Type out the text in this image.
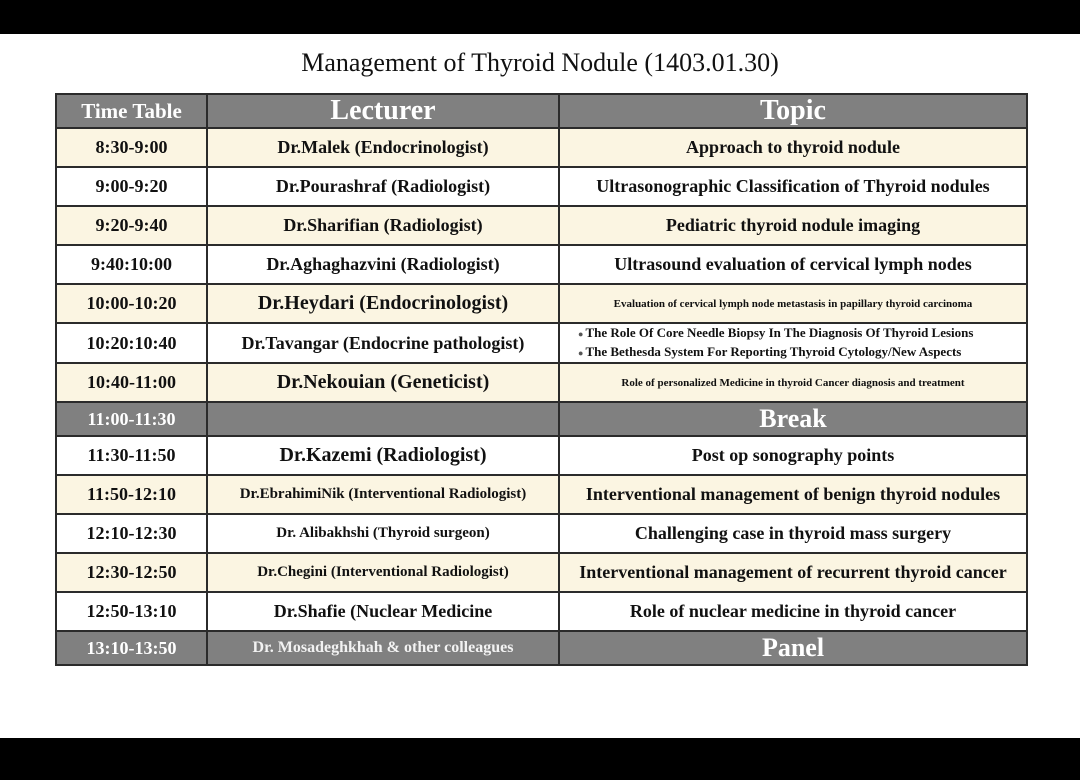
Management of Thyroid Nodule (1403.01.30)
Time Table	Lecturer	Topic
8:30-9:00	Dr.Malek (Endocrinologist)	Approach to thyroid nodule
9:00-9:20	Dr.Pourashraf (Radiologist)	Ultrasonographic Classification of Thyroid nodules
9:20-9:40	Dr.Sharifian (Radiologist)	Pediatric thyroid nodule imaging
9:40:10:00	Dr.Aghaghazvini (Radiologist)	Ultrasound evaluation of cervical lymph nodes
10:00-10:20	Dr.Heydari (Endocrinologist)	Evaluation of cervical lymph node metastasis in papillary thyroid carcinoma
10:20:10:40	Dr.Tavangar (Endocrine pathologist)	● The Role Of Core Needle Biopsy In The Diagnosis Of Thyroid Lesions
● The Bethesda System For Reporting Thyroid Cytology/New Aspects

10:40-11:00	Dr.Nekouian (Geneticist)	Role of personalized Medicine in thyroid Cancer diagnosis and treatment
11:00-11:30		Break
11:30-11:50	Dr.Kazemi (Radiologist)	Post op sonography points
11:50-12:10	Dr.EbrahimiNik (Interventional Radiologist)	Interventional management of benign thyroid nodules
12:10-12:30	Dr. Alibakhshi (Thyroid surgeon)	Challenging case in thyroid mass surgery
12:30-12:50	Dr.Chegini (Interventional Radiologist)	Interventional management of recurrent thyroid cancer
12:50-13:10	Dr.Shafie (Nuclear Medicine	Role of nuclear medicine in thyroid cancer
13:10-13:50	Dr. Mosadeghkhah & other colleagues	Panel
